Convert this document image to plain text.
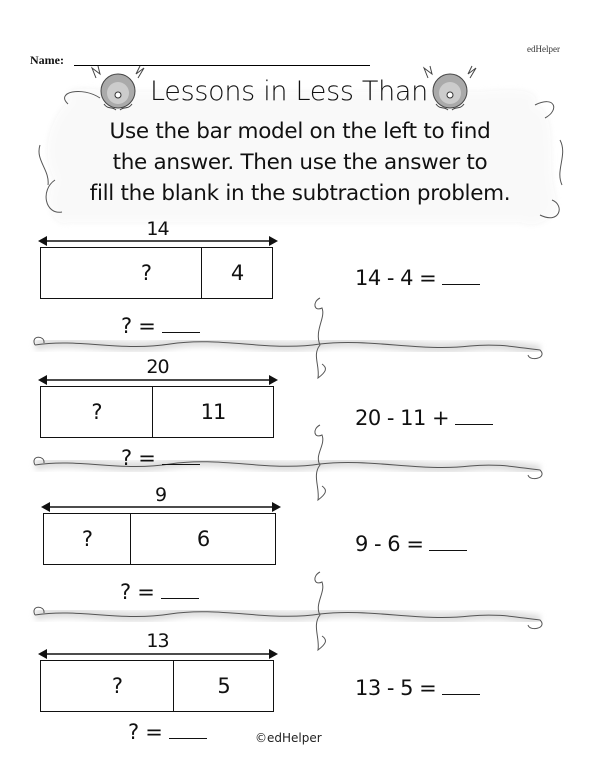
edHelper
Name:
Lessons in Less Than
Use the bar model on the left to find
the answer. Then use the answer to
fill the blank in the subtraction problem.
14
?	4
? =
14 - 4 =
20
?	11
? =
20 - 11 +
9
?	6
? =
9 - 6 =
13
?	5
? =
13 - 5 =
©edHelper
